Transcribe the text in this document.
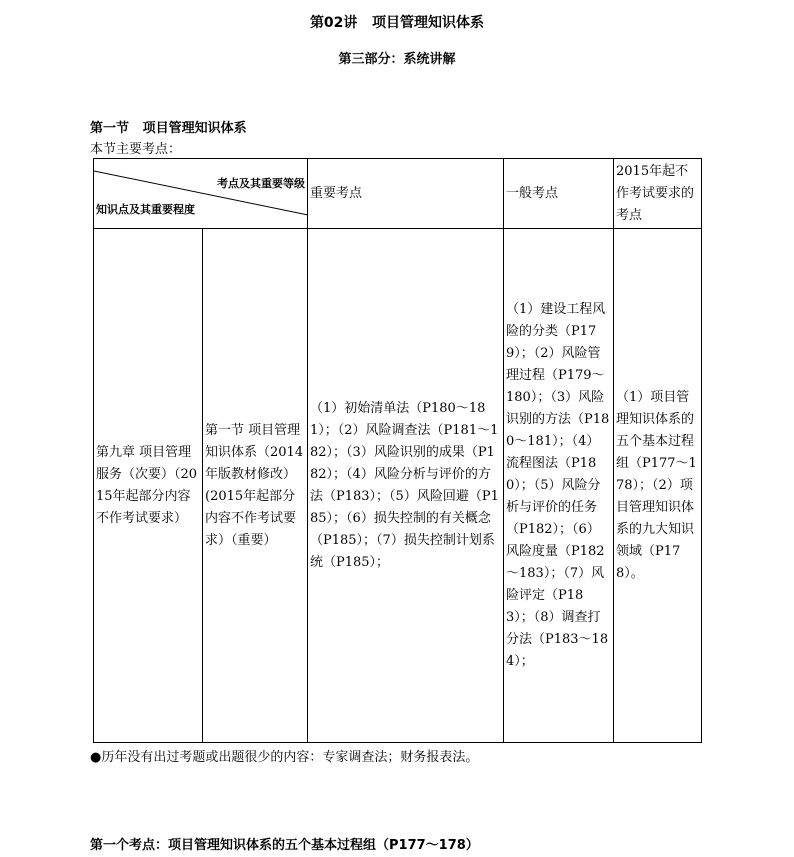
第02讲   项目管理知识体系
第三部分：系统讲解
第一节   项目管理知识体系
本节主要考点：
考点及其重要等级
知识点及其重要程度		重要考点	一般考点	2015年起不作考试要求的考点
第九章 项目管理服务（次要）（2015年起部分内容不作考试要求）	第一节 项目管理知识体系（2014年版教材修改）(2015年起部分内容不作考试要求）（重要）	（1）初始清单法（P180～181）；（2）风险调查法（P181～182）；（3）风险识别的成果（P182）；（4）风险分析与评价的方法（P183）；（5）风险回避（P185）；（6）损失控制的有关概念（P185）；（7）损失控制计划系统（P185）；	（1）建设工程风险的分类（P179）；（2）风险管理过程（P179～180）；（3）风险识别的方法（P180～181）；（4）流程图法（P180）；（5）风险分析与评价的任务（P182）；（6）风险度量（P182～183）；（7）风险评定（P183）；（8）调查打分法（P183～184）；	（1）项目管理知识体系的五个基本过程组（P177～178）；（2）项目管理知识体系的九大知识领域（P178）。
●历年没有出过考题或出题很少的内容：专家调查法；财务报表法。
第一个考点：项目管理知识体系的五个基本过程组（P177～178）
